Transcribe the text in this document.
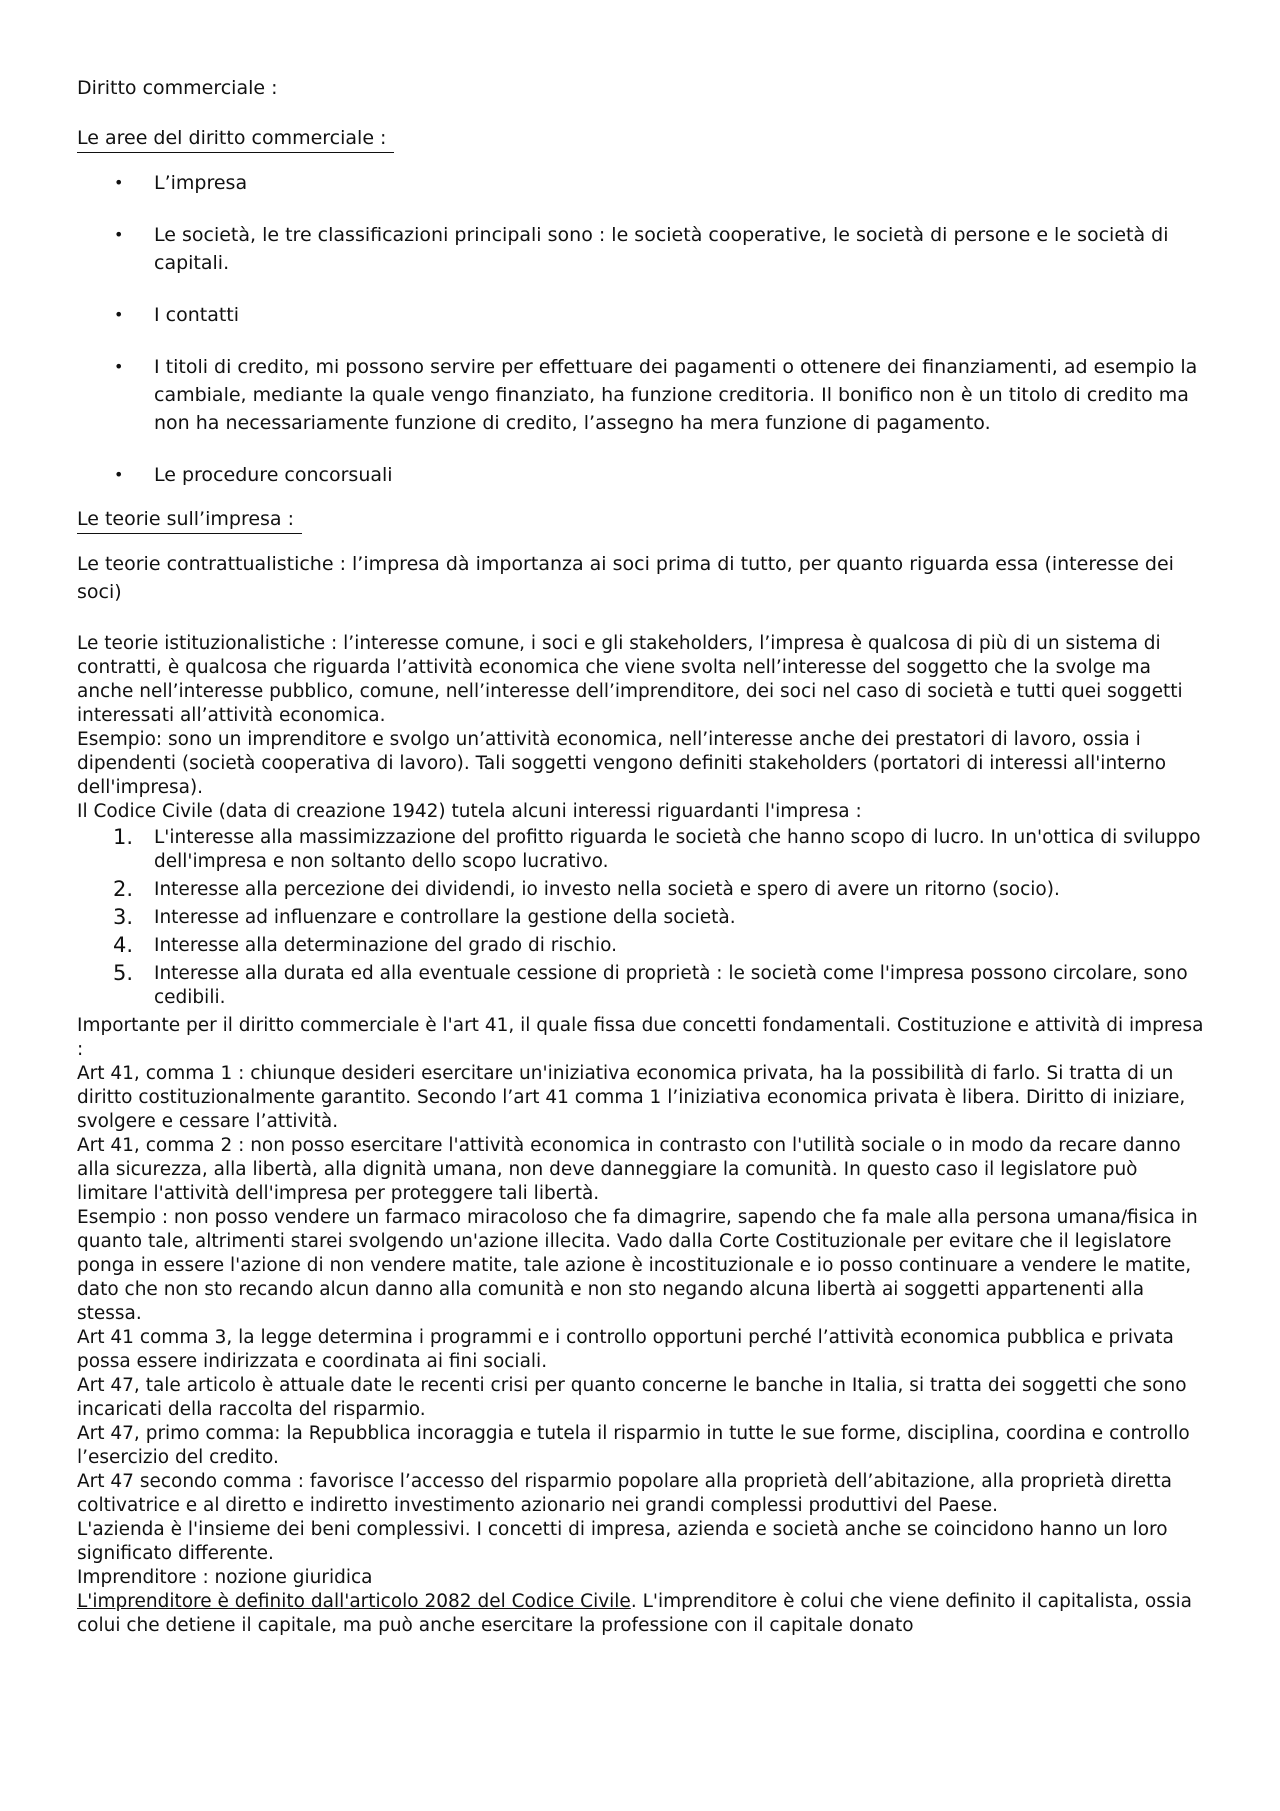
Diritto commerciale :
Le aree del diritto commerciale :
• L’impresa
• Le società, le tre classificazioni principali sono : le società cooperative, le società di persone e le società di capitali.
• I contatti
• I titoli di credito, mi possono servire per effettuare dei pagamenti o ottenere dei finanziamenti, ad esempio la cambiale, mediante la quale vengo finanziato, ha funzione creditoria. Il bonifico non è un titolo di credito ma non ha necessariamente funzione di credito, l’assegno ha mera funzione di pagamento.
• Le procedure concorsuali
Le teorie sull’impresa :

Le teorie contrattualistiche : l’impresa dà importanza ai soci prima di tutto, per quanto riguarda essa (interesse dei soci)

Le teorie istituzionalistiche : l’interesse comune, i soci e gli stakeholders, l’impresa è qualcosa di più di un sistema di contratti, è qualcosa che riguarda l’attività economica che viene svolta nell’interesse del soggetto che la svolge ma anche nell’interesse pubblico, comune, nell’interesse dell’imprenditore, dei soci nel caso di società e tutti quei soggetti interessati all’attività economica.

Esempio: sono un imprenditore e svolgo un’attività economica, nell’interesse anche dei prestatori di lavoro, ossia i dipendenti (società cooperativa di lavoro). Tali soggetti vengono definiti stakeholders (portatori di interessi all'interno dell'impresa).

Il Codice Civile (data di creazione 1942) tutela alcuni interessi riguardanti l'impresa :

1. L'interesse alla massimizzazione del profitto riguarda le società che hanno scopo di lucro. In un'ottica di sviluppo dell'impresa e non soltanto dello scopo lucrativo.
2. Interesse alla percezione dei dividendi, io investo nella società e spero di avere un ritorno (socio).
3. Interesse ad influenzare e controllare la gestione della società.
4. Interesse alla determinazione del grado di rischio.
5. Interesse alla durata ed alla eventuale cessione di proprietà : le società come l'impresa possono circolare, sono cedibili.

Importante per il diritto commerciale è l'art 41, il quale fissa due concetti fondamentali. Costituzione e attività di impresa :

Art 41, comma 1 : chiunque desideri esercitare un'iniziativa economica privata, ha la possibilità di farlo. Si tratta di un diritto costituzionalmente garantito. Secondo l’art 41 comma 1 l’iniziativa economica privata è libera. Diritto di iniziare, svolgere e cessare l’attività.

Art 41, comma 2 : non posso esercitare l'attività economica in contrasto con l'utilità sociale o in modo da recare danno alla sicurezza, alla libertà, alla dignità umana, non deve danneggiare la comunità. In questo caso il legislatore può limitare l'attività dell'impresa per proteggere tali libertà.

Esempio : non posso vendere un farmaco miracoloso che fa dimagrire, sapendo che fa male alla persona umana/fisica in quanto tale, altrimenti starei svolgendo un'azione illecita. Vado dalla Corte Costituzionale per evitare che il legislatore ponga in essere l'azione di non vendere matite, tale azione è incostituzionale e io posso continuare a vendere le matite, dato che non sto recando alcun danno alla comunità e non sto negando alcuna libertà ai soggetti appartenenti alla stessa.

Art 41 comma 3, la legge determina i programmi e i controllo opportuni perché l’attività economica pubblica e privata possa essere indirizzata e coordinata ai fini sociali.

Art 47, tale articolo è attuale date le recenti crisi per quanto concerne le banche in Italia, si tratta dei soggetti che sono incaricati della raccolta del risparmio.

Art 47, primo comma: la Repubblica incoraggia e tutela il risparmio in tutte le sue forme, disciplina, coordina e controllo l’esercizio del credito.

Art 47 secondo comma : favorisce l’accesso del risparmio popolare alla proprietà dell’abitazione, alla proprietà diretta coltivatrice e al diretto e indiretto investimento azionario nei grandi complessi produttivi del Paese.

L'azienda è l'insieme dei beni complessivi. I concetti di impresa, azienda e società anche se coincidono hanno un loro significato differente.

Imprenditore : nozione giuridica

L'imprenditore è definito dall'articolo 2082 del Codice Civile. L'imprenditore è colui che viene definito il capitalista, ossia colui che detiene il capitale, ma può anche esercitare la professione con il capitale donato
